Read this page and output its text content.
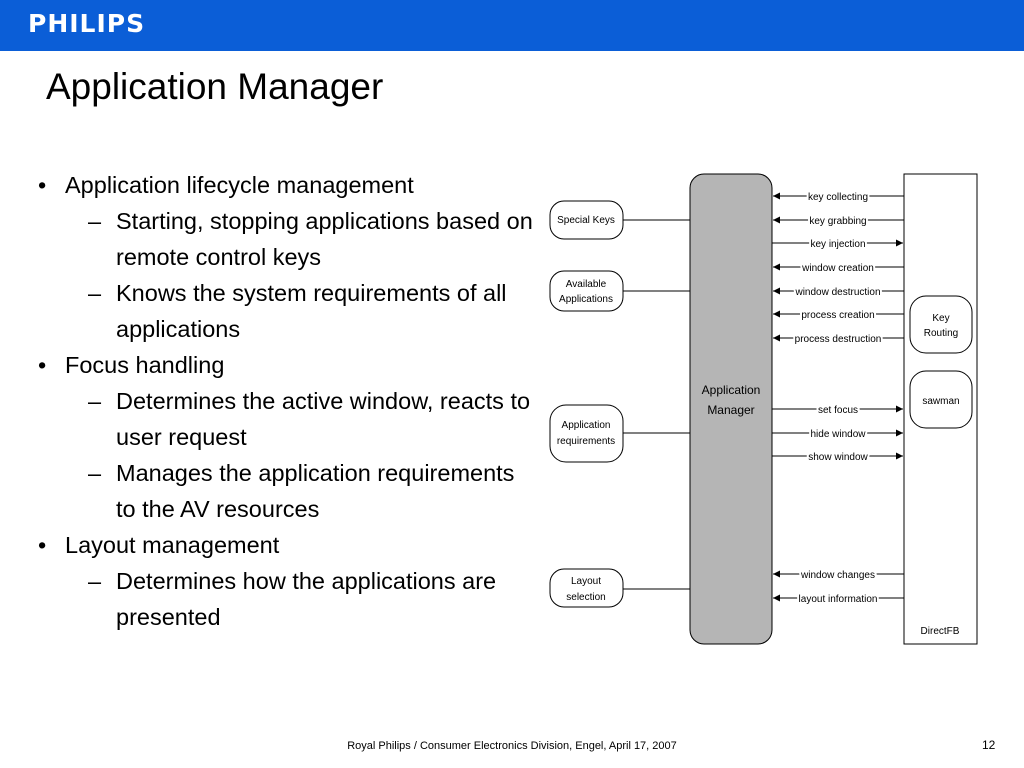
PHILIPS
Application Manager
• Application lifecycle management
– Starting, stopping applications based on remote control keys
– Knows the system requirements of all applications
• Focus handling
– Determines the active window, reacts to user request
– Manages the application requirements to the AV resources
• Layout management
– Determines how the applications are presented
Special Keys
Available
Applications
Application
requirements
Layout
selection
Application
Manager
DirectFB
Key
Routing
sawman
key collecting
key grabbing
key injection
window creation
window destruction
process creation
process destruction
set focus
hide window
show window
window changes
layout information
Royal Philips / Consumer Electronics Division, Engel, April 17, 2007	12
